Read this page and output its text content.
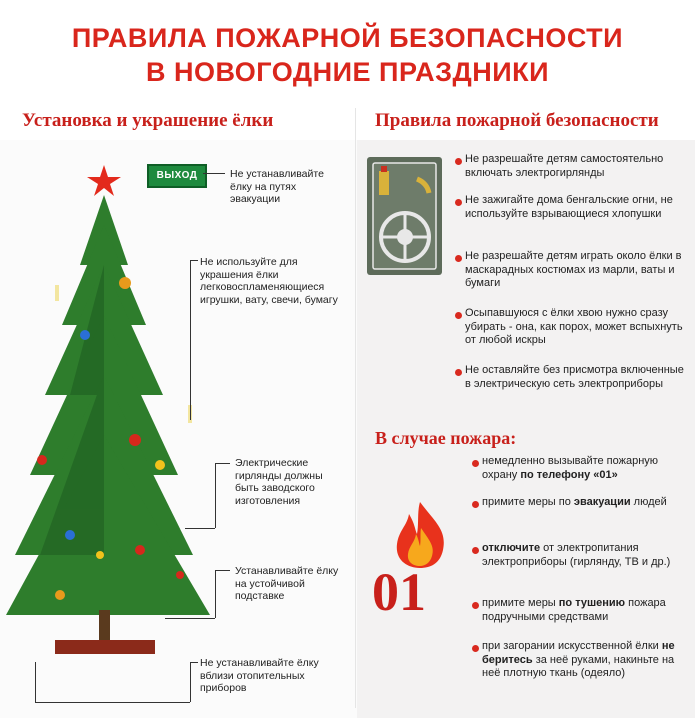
ПРАВИЛА ПОЖАРНОЙ БЕЗОПАСНОСТИ
В НОВОГОДНИЕ ПРАЗДНИКИ
Установка и украшение ёлки	Правила пожарной безопасности
ВЫХОД	Не устанавливайте ёлку на путях эвакуации
Не используйте для украшения ёлки легковоспламеняющиеся игрушки, вату, свечи, бумагу
Электрические гирлянды должны быть заводского изготовления
Устанавливайте ёлку на устойчивой подставке
Не устанавливайте ёлку вблизи отопительных приборов
Не разрешайте детям самостоятельно включать электрогирлянды
Не зажигайте дома бенгальские огни, не используйте взрывающиеся хлопушки
Не разрешайте детям играть около ёлки в маскарадных костюмах из марли, ваты и бумаги
Осыпавшуюся с ёлки хвою нужно сразу убирать - она, как порох, может вспыхнуть от любой искры
Не оставляйте без присмотра включенные в электрическую сеть электроприборы
В случае пожара:
01
немедленно вызывайте пожарную охрану по телефону «01»
примите меры по эвакуации людей
отключите от электропитания электроприборы (гирлянду, ТВ и др.)
примите меры по тушению пожара подручными средствами
при загорании искусственной ёлки не беритесь за неё руками, накиньте на неё плотную ткань (одеяло)
